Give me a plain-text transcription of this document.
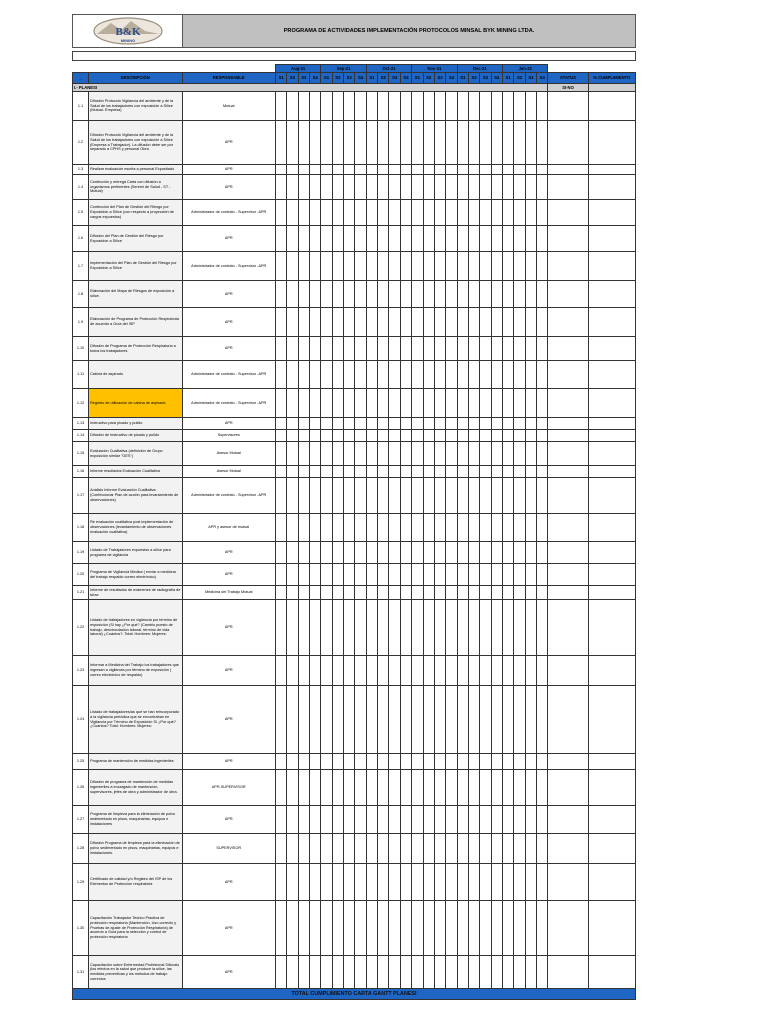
B&K
MINING
PROGRAMA DE ACTIVIDADES IMPLEMENTACIÓN PROTOCOLOS MINSAL BYK MINING LTDA.
			Aug-21				Sep-21				Oct-21				Nov-21				Dec-21				Jan-22					
_	DESCRIPCIÓN	RESPONSABLE	S1	S2	S3	S4	S1	S2	S3	S4	S1	S2	S3	S4	S1	S2	S3	S4	S1	S2	S3	S4	S1	S2	S3	S4	STATUS	% CUMPLIMIENTO
I.- PLANESI																											SI-NO	
1.1	Difusión Protocolo Vigilancia del ambiente y de la Salud de los trabajadores con exposición a Sílice (Mutual- Empresa)	Mutual																										
1.2	Difusión Protocolo Vigilancia del ambiente y de la Salud de los trabajadores con exposición a Sílice (Empresa a Trabajador). La difusión debe ser por separado a CPHS y personal Obra	APR																										
1.3	Realizar evaluación escrita a personal Expositado	APR																										
1.4	Confección y entrega Carta con difusión a organismos pertinentes (Seremi de Salud - ST - Mutual)	APR																										
1.5	Confección del Plan de Gestión del Riesgo por Exposición a Sílice (con respecto a proyección de cargos expuestos)	Administrador de contrato - Supervisor -APR																										
1.6	Difusión del Plan de Gestión del Riesgo por Exposición a Sílice	APR																										
1.7	Implementación del Plan de Gestión del Riesgo por Exposición a Sílice	Administrador de contrato - Supervisor -APR																										
1.8	Elaboración del Mapa de Riesgos de exposición a sílice.	APR																										
1.9	Elaboración de Programa de Protección Respiratoria de acuerdo a Guía del ISP	APR																										
1.10	Difusión de Programa de Protección Respiratoria a todos los trabajadores	APR																										
1.11	Cabina de aspirado	Administrador de contrato - Supervisor -APR																										
1.12	Registro de utilización de cabina de aspirado	Administrador de contrato - Supervisor -APR																										
1.13	Instructivo para picado y pulido	APR																										
1.14	Difusión de Instructivo de picado y pulido	Supervisores																										
1.15	Evaluación Cualitativa (definición de Grupo exposición similar "GES")	Asesor Mutual																										
1.16	Informe resultados Evaluación Cualitativa	Asesor Mutual																										
1.17	Análisis Informe Evaluación Cualitativa. (Confeccionar Plan de acción para levantamiento de observaciones)	Administrador de contrato - Supervisor -APR																										
1.18	Re evaluación cualitativa post implementación de observaciones (levantamiento de observaciones evaluación cualitativa)	APR y asesor de mutual																										
1.19	Listado de Trabajadores expuestos a sílice para programa de vigilancia	APR																										
1.20	Programa de Vigilancia Medica ( enviar a medicina del trabajo respaldo correo electrónico)	APR																										
1.21	Informe de resultados de exámenes de radiografía de tórax	Medicina del Trabajo Mutual																										
1.22	Listado de trabajadores en vigilancia por término de exposición (Si hay ¿Por qué? (Cambio puesto de trabajo, desvinculación laboral, término de vida laboral) ¿Cuántos?: Total: Hombres: Mujeres:	APR																										
1.23	Informar a Medicina del Trabajo los trabajadores que ingresan a vigilancia por término de exposición ( correo electrónico de respaldo)	APR																										
1.24	Listado de trabajadores/as que se han reincorporado a la vigilancia periódica que se encontraban en Vigilancia por Término de Exposición Sí ¿Por qué? ¿Cuántos? Total: Hombres: Mujeres:	APR																										
1.25	Programa de mantención de medidas ingenieriles	APR																										
1.26	Difusión de programa de mantención de medidas ingenieriles a encargado de mantención, supervisores, jefes de obra y administrador de obra.	APR-SUPERVISOR																										
1.27	Programa de limpieza para la eliminación de polvo sedimentado en pisos, maquinarias, equipos e instalaciones	APR																										
1.28	Difusión Programa de limpieza para la eliminación de polvo sedimentado en pisos, maquinarias, equipos e instalaciones.	SUPERVISOR																										
1.29	Certificado de calidad y/o Registro del ISP de los Elementos de Protección respiratoria	APR																										
1.30	Capacitación Trabajador Teórico Practica de protección respiratoria (Mantención, Uso correcto y Pruebas de ajuste de Protección Respiratoria) de acuerdo a Guía para la selección y control de protección respiratoria	APR																										
1.31	Capacitación sobre Enfermedad Profesional Silicosis (los efectos en la salud que produce la sílice, las medidas preventivas y los métodos de trabajo correctos	APR																										
TOTAL CUMPLIMIENTO CARTA GANTT PLANESI																												
